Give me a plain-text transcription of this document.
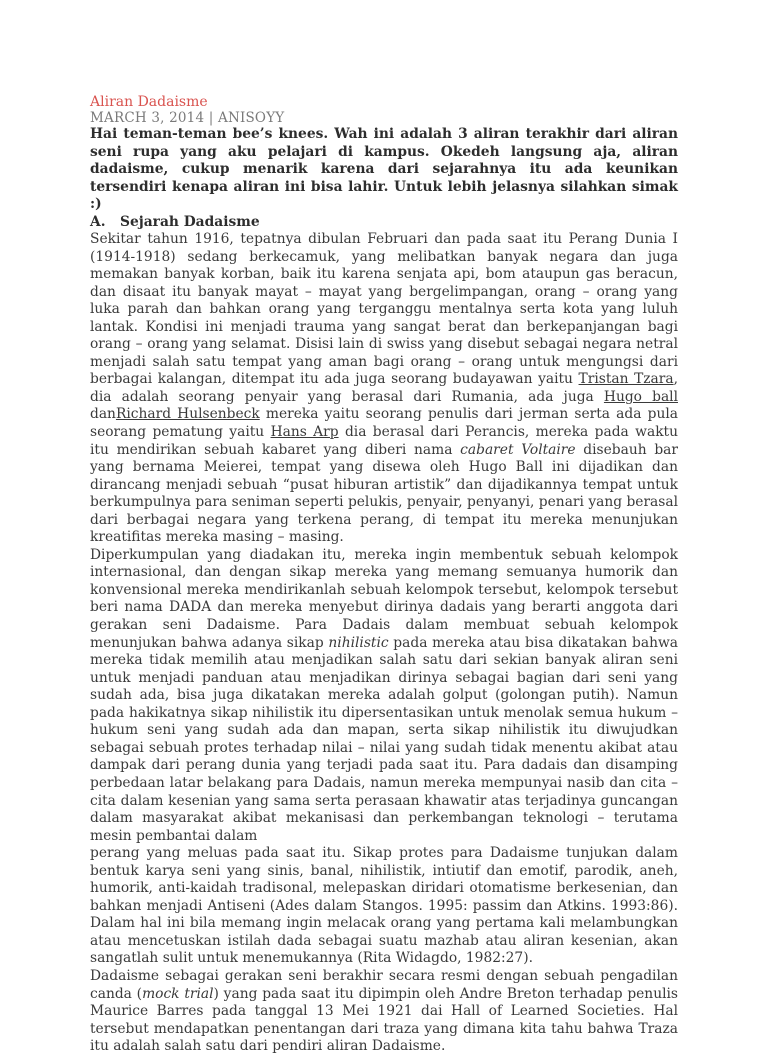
Aliran Dadaisme
MARCH 3, 2014 | ANISOYY
Hai teman-teman bee’s knees. Wah ini adalah 3 aliran terakhir dari aliran seni rupa yang aku pelajari di kampus. Okedeh langsung aja, aliran dadaisme, cukup menarik karena dari sejarahnya itu ada keunikan tersendiri kenapa aliran ini bisa lahir. Untuk lebih jelasnya silahkan simak :)
A. Sejarah Dadaisme

Sekitar tahun 1916, tepatnya dibulan Februari dan pada saat itu Perang Dunia I (1914-1918) sedang berkecamuk, yang melibatkan banyak negara dan juga memakan banyak korban, baik itu karena senjata api, bom ataupun gas beracun, dan disaat itu banyak mayat – mayat yang bergelimpangan, orang – orang yang luka parah dan bahkan orang yang terganggu mentalnya serta kota yang luluh lantak. Kondisi ini menjadi trauma yang sangat berat dan berkepanjangan bagi orang – orang yang selamat. Disisi lain di swiss yang disebut sebagai negara netral menjadi salah satu tempat yang aman bagi orang – orang untuk mengungsi dari berbagai kalangan, ditempat itu ada juga seorang budayawan yaitu Tristan Tzara, dia adalah seorang penyair yang berasal dari Rumania, ada juga Hugo ball danRichard Hulsenbeck mereka yaitu seorang penulis dari jerman serta ada pula seorang pematung yaitu Hans Arp dia berasal dari Perancis, mereka pada waktu itu mendirikan sebuah kabaret yang diberi nama cabaret Voltaire disebauh bar yang bernama Meierei, tempat yang disewa oleh Hugo Ball ini dijadikan dan dirancang menjadi sebuah “pusat hiburan artistik” dan dijadikannya tempat untuk berkumpulnya para seniman seperti pelukis, penyair, penyanyi, penari yang berasal dari berbagai negara yang terkena perang, di tempat itu mereka menunjukan kreatifitas mereka masing – masing.

Diperkumpulan yang diadakan itu, mereka ingin membentuk sebuah kelompok internasional, dan dengan sikap mereka yang memang semuanya humorik dan konvensional mereka mendirikanlah sebuah kelompok tersebut, kelompok tersebut beri nama DADA dan mereka menyebut dirinya dadais yang berarti anggota dari gerakan seni Dadaisme. Para Dadais dalam membuat sebuah kelompok menunjukan bahwa adanya sikap nihilistic pada mereka atau bisa dikatakan bahwa mereka tidak memilih atau menjadikan salah satu dari sekian banyak aliran seni untuk menjadi panduan atau menjadikan dirinya sebagai bagian dari seni yang sudah ada, bisa juga dikatakan mereka adalah golput (golongan putih). Namun pada hakikatnya sikap nihilistik itu dipersentasikan untuk menolak semua hukum – hukum seni yang sudah ada dan mapan, serta sikap nihilistik itu diwujudkan sebagai sebuah protes terhadap nilai – nilai yang sudah tidak menentu akibat atau dampak dari perang dunia yang terjadi pada saat itu. Para dadais dan disamping perbedaan latar belakang para Dadais, namun mereka mempunyai nasib dan cita – cita dalam kesenian yang sama serta perasaan khawatir atas terjadinya guncangan dalam masyarakat akibat mekanisasi dan perkembangan teknologi – terutama mesin pembantai dalam

perang yang meluas pada saat itu. Sikap protes para Dadaisme tunjukan dalam bentuk karya seni yang sinis, banal, nihilistik, intiutif dan emotif, parodik, aneh, humorik, anti-kaidah tradisonal, melepaskan diridari otomatisme berkesenian, dan bahkan menjadi Antiseni (Ades dalam Stangos. 1995: passim dan Atkins. 1993:86). Dalam hal ini bila memang ingin melacak orang yang pertama kali melambungkan atau mencetuskan istilah dada sebagai suatu mazhab atau aliran kesenian, akan sangatlah sulit untuk menemukannya (Rita Widagdo, 1982:27).

Dadaisme sebagai gerakan seni berakhir secara resmi dengan sebuah pengadilan canda (mock trial) yang pada saat itu dipimpin oleh Andre Breton terhadap penulis Maurice Barres pada tanggal 13 Mei 1921 dai Hall of Learned Societies. Hal tersebut mendapatkan penentangan dari traza yang dimana kita tahu bahwa Traza itu adalah salah satu dari pendiri aliran Dadaisme.
